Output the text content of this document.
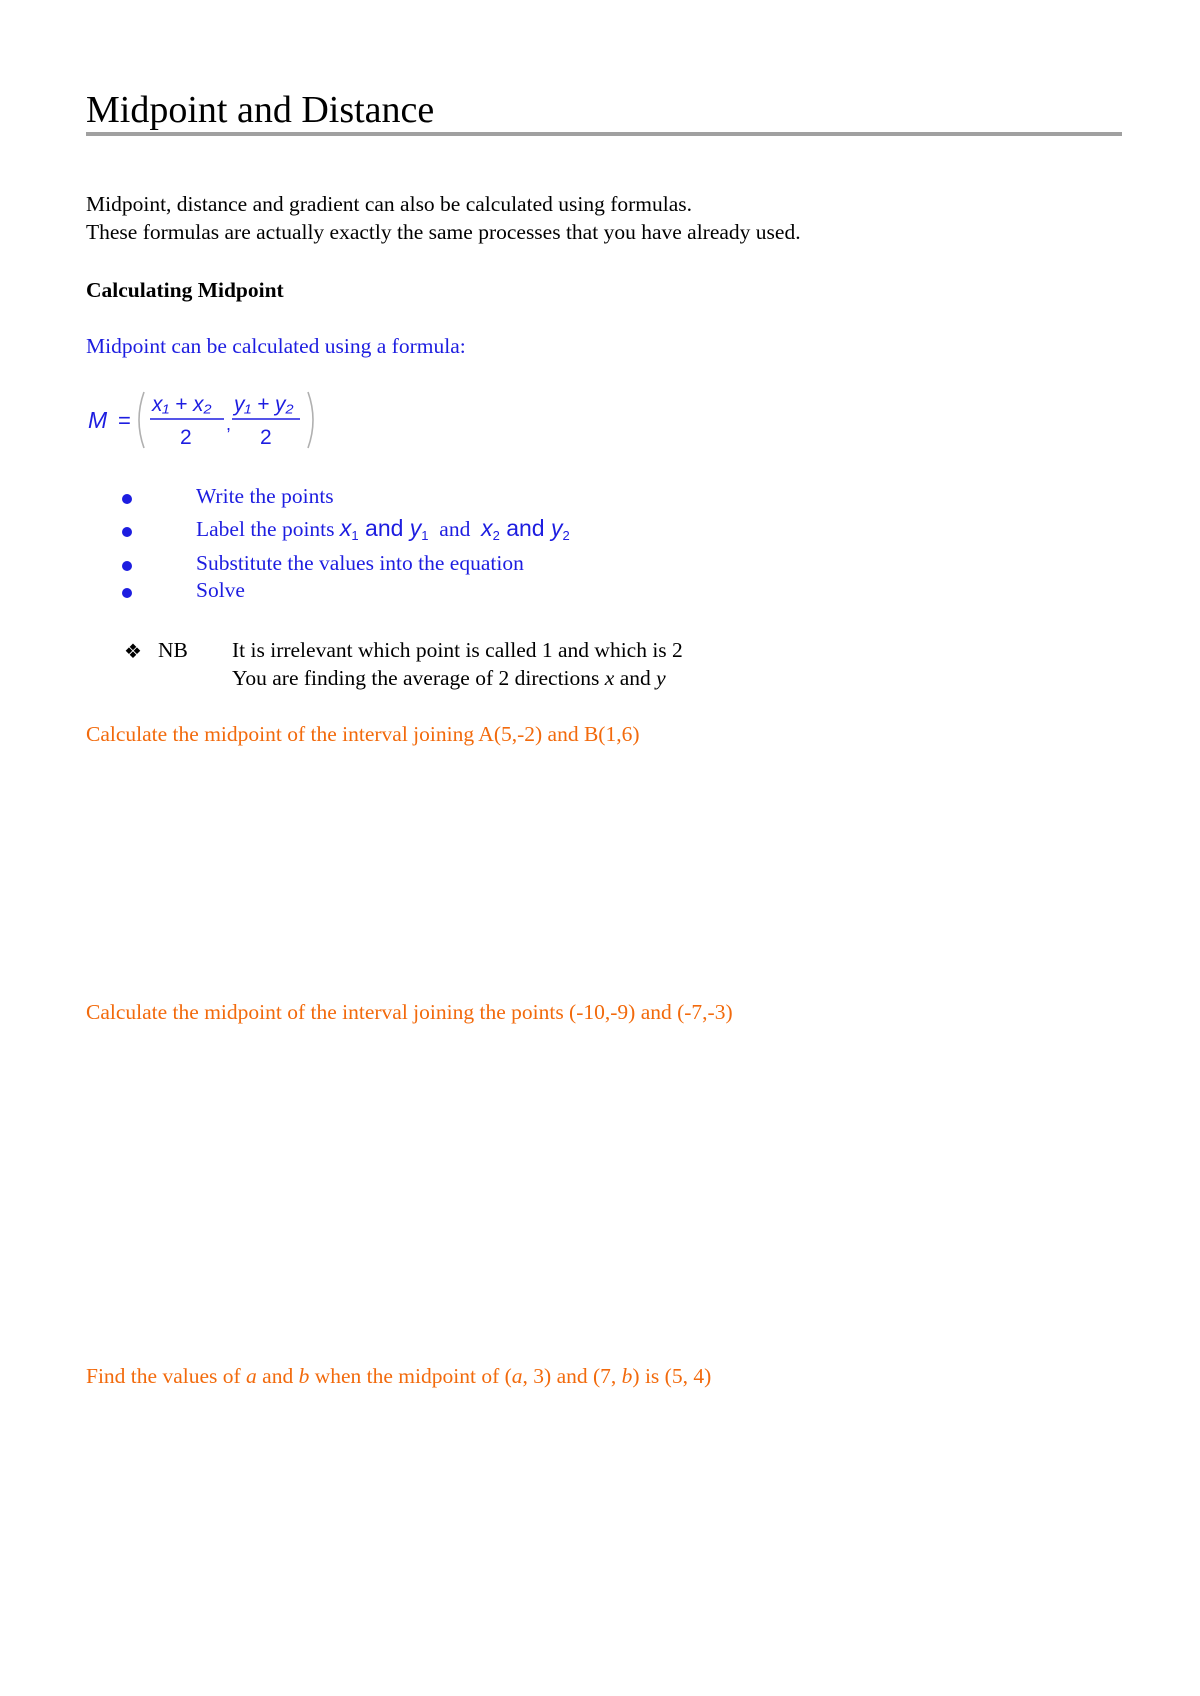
Midpoint and Distance
Midpoint, distance and gradient can also be calculated using formulas.
These formulas are actually exactly the same processes that you have already used.
Calculating Midpoint
Midpoint can be calculated using a formula:
M =
x₁ + x₂
2
,
y₁ + y₂
2
Write the points
Label the points $x_1$ and $y_1$ and $x_2$ and $y_2$
Substitute the values into the equation
Solve
❖ NB It is irrelevant which point is called 1 and which is 2
You are finding the average of 2 directions x and y
Calculate the midpoint of the interval joining A(5,-2) and B(1,6)
Calculate the midpoint of the interval joining the points (-10,-9) and (-7,-3)
Find the values of a and b when the midpoint of (a, 3) and (7, b) is (5, 4)
